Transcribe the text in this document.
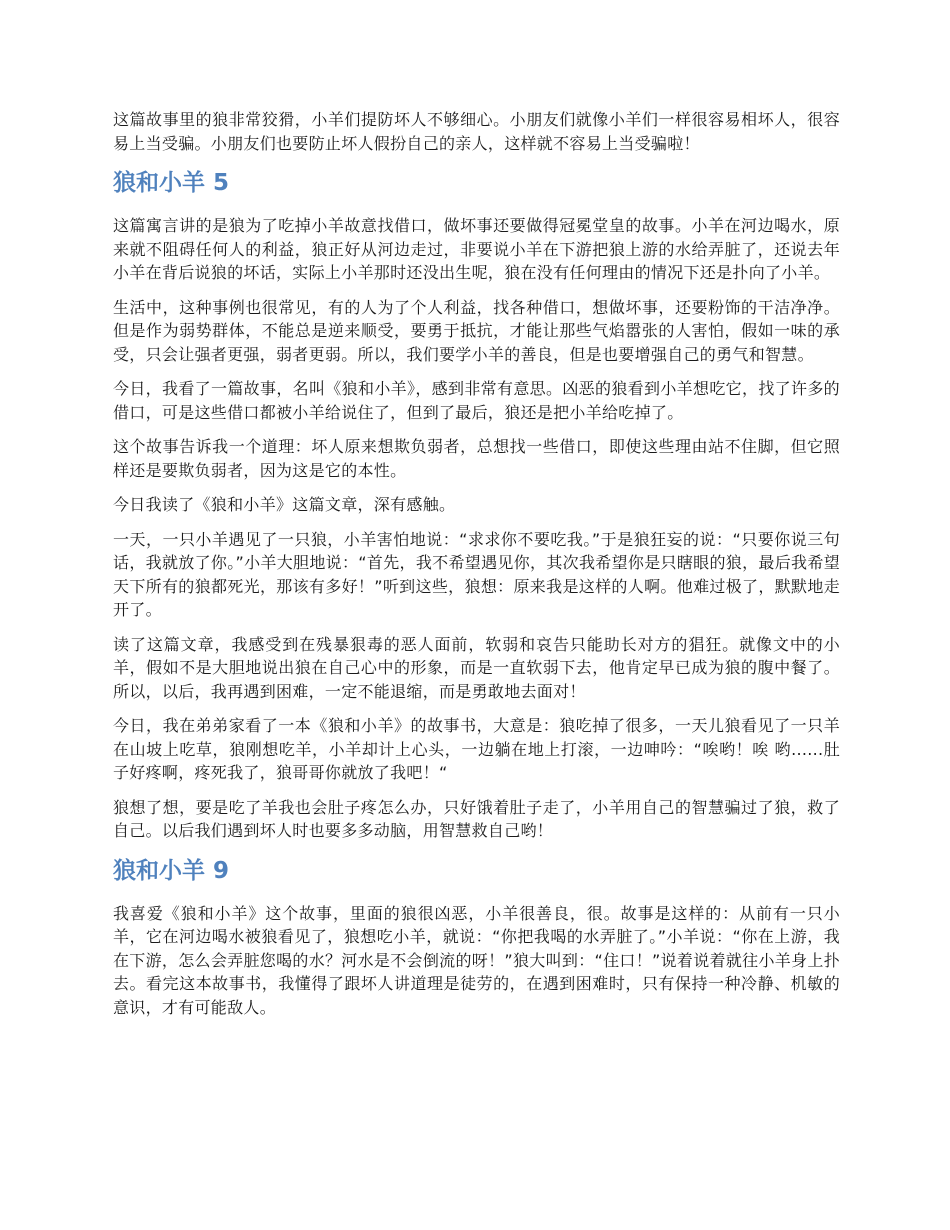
这篇故事里的狼非常狡猾，小羊们提防坏人不够细心。小朋友们就像小羊们一样很容易相坏人，很容易上当受骗。小朋友们也要防止坏人假扮自己的亲人，这样就不容易上当受骗啦！

狼和小羊 5

这篇寓言讲的是狼为了吃掉小羊故意找借口，做坏事还要做得冠冕堂皇的故事。小羊在河边喝水，原来就不阻碍任何人的利益，狼正好从河边走过，非要说小羊在下游把狼上游的水给弄脏了，还说去年小羊在背后说狼的坏话，实际上小羊那时还没出生呢，狼在没有任何理由的情况下还是扑向了小羊。

生活中，这种事例也很常见，有的人为了个人利益，找各种借口，想做坏事，还要粉饰的干洁净净。但是作为弱势群体，不能总是逆来顺受，要勇于抵抗，才能让那些气焰嚣张的人害怕，假如一味的承受，只会让强者更强，弱者更弱。所以，我们要学小羊的善良，但是也要增强自己的勇气和智慧。

今日，我看了一篇故事，名叫《狼和小羊》，感到非常有意思。凶恶的狼看到小羊想吃它，找了许多的借口，可是这些借口都被小羊给说住了，但到了最后，狼还是把小羊给吃掉了。

这个故事告诉我一个道理：坏人原来想欺负弱者，总想找一些借口，即使这些理由站不住脚，但它照样还是要欺负弱者，因为这是它的本性。

今日我读了《狼和小羊》这篇文章，深有感触。

一天，一只小羊遇见了一只狼，小羊害怕地说：“求求你不要吃我。”于是狼狂妄的说：“只要你说三句话，我就放了你。”小羊大胆地说：“首先，我不希望遇见你，其次我希望你是只瞎眼的狼，最后我希望天下所有的狼都死光，那该有多好！”听到这些，狼想：原来我是这样的人啊。他难过极了，默默地走开了。

读了这篇文章，我感受到在残暴狠毒的恶人面前，软弱和哀告只能助长对方的猖狂。就像文中的小羊，假如不是大胆地说出狼在自己心中的形象，而是一直软弱下去，他肯定早已成为狼的腹中餐了。所以，以后，我再遇到困难，一定不能退缩，而是勇敢地去面对！

今日，我在弟弟家看了一本《狼和小羊》的故事书，大意是：狼吃掉了很多，一天儿狼看见了一只羊在山坡上吃草，狼刚想吃羊，小羊却计上心头，一边躺在地上打滚，一边呻吟：“唉哟！唉 哟......肚子好疼啊，疼死我了，狼哥哥你就放了我吧！“

狼想了想，要是吃了羊我也会肚子疼怎么办，只好饿着肚子走了，小羊用自己的智慧骗过了狼，救了自己。以后我们遇到坏人时也要多多动脑，用智慧救自己哟！

狼和小羊 9

我喜爱《狼和小羊》这个故事，里面的狼很凶恶，小羊很善良，很。故事是这样的：从前有一只小羊，它在河边喝水被狼看见了，狼想吃小羊，就说：“你把我喝的水弄脏了。”小羊说：“你在上游，我在下游，怎么会弄脏您喝的水？河水是不会倒流的呀！”狼大叫到：“住口！”说着说着就往小羊身上扑去。看完这本故事书，我懂得了跟坏人讲道理是徒劳的，在遇到困难时，只有保持一种冷静、机敏的意识，才有可能敌人。
